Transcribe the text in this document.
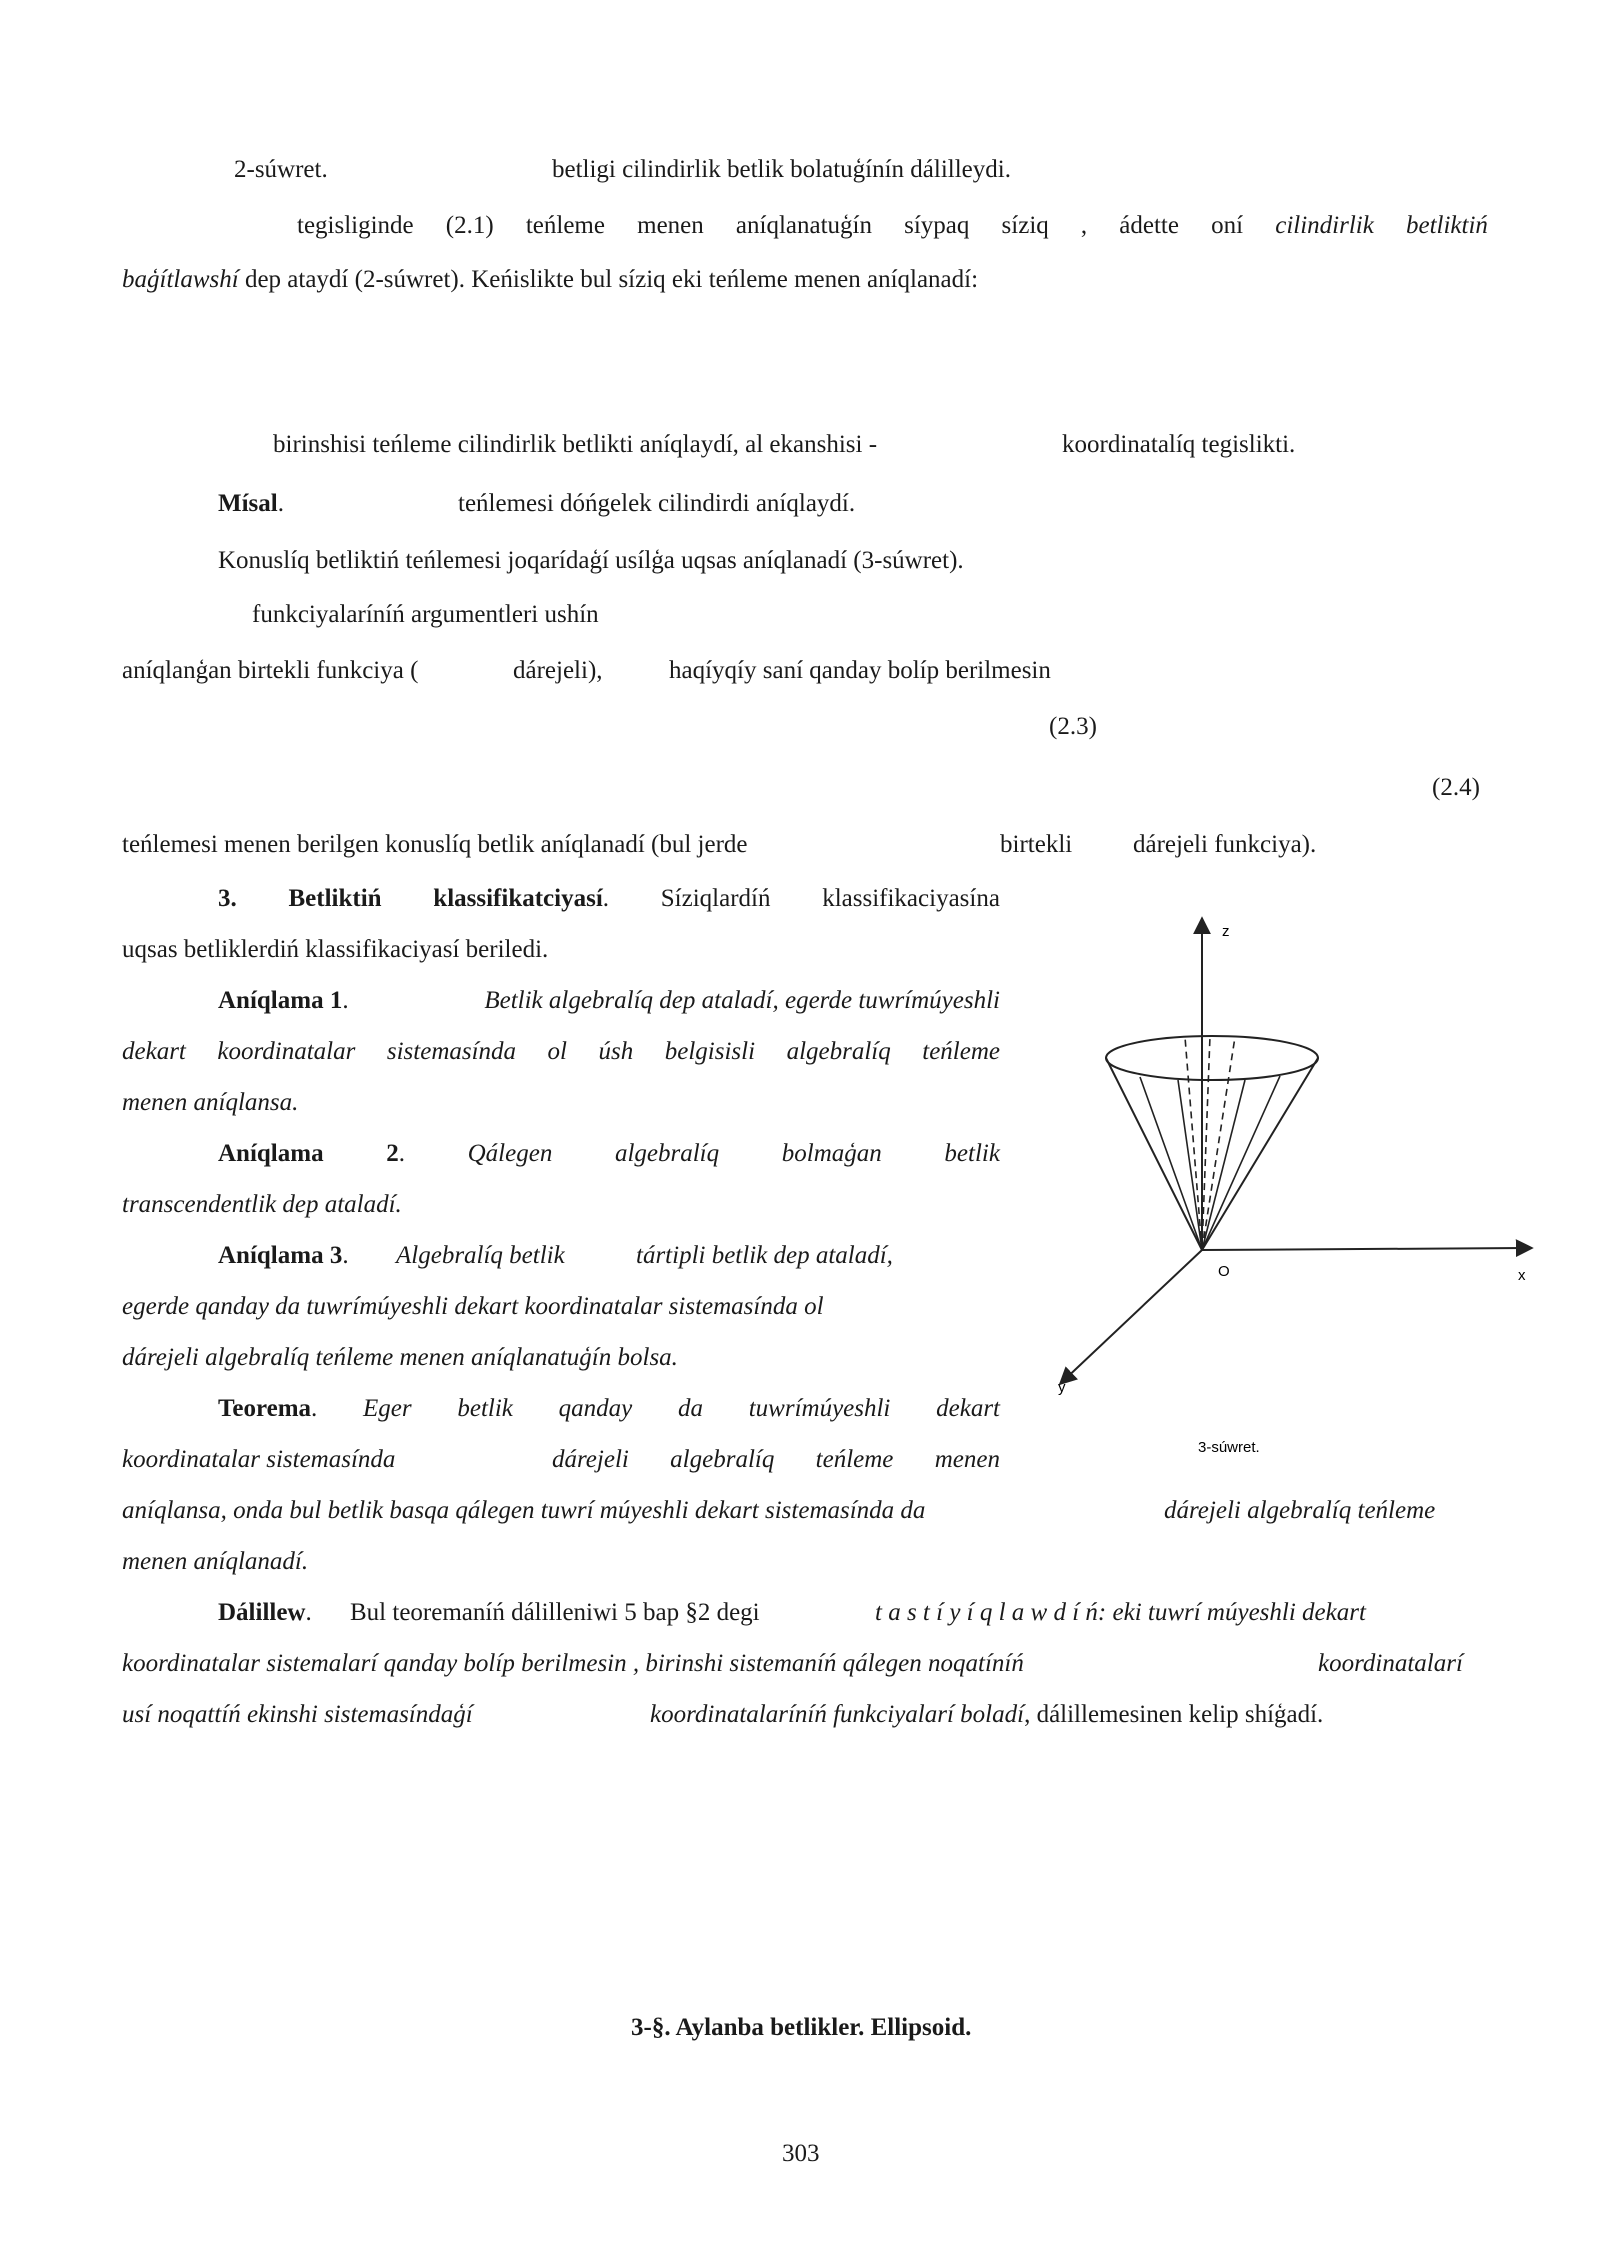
2-súwret.	betligi cilindirlik betlik bolatuģínín dálilleydi.
tegisliginde (2.1) teńleme menen aníqlanatuģín síypaq síziq , ádette oní cilindirlik betliktiń
baģítlawshí dep ataydí (2-súwret). Keńislikte bul síziq eki teńleme menen aníqlanadí:
birinshisi teńleme cilindirlik betlikti aníqlaydí, al ekanshisi -	koordinatalíq tegislikti.
Mísal.	teńlemesi dóńgelek cilindirdi aníqlaydí.
Konuslíq betliktiń teńlemesi joqarídaģí usílģa uqsas aníqlanadí (3-súwret).
funkciyalaríníń argumentleri ushín
aníqlanģan birtekli funkciya (	dárejeli),	haqíyqíy saní qanday bolíp berilmesin
(2.3)
(2.4)
teńlemesi menen berilgen konuslíq betlik aníqlanadí (bul jerde	birtekli dárejeli funkciya).
3. Betliktiń klassifikatciyasí. Síziqlardíń klassifikaciyasína
uqsas betliklerdiń klassifikaciyasí beriledi.
Aníqlama 1.	Betlik algebralíq dep ataladí, egerde tuwrímúyeshli
dekart koordinatalar sistemasínda ol úsh belgisisli algebralíq teńleme
menen aníqlansa.
Aníqlama	2.	Qálegen	algebralíq	bolmaģan	betlik
transcendentlik dep ataladí.
Aníqlama 3. Algebralíq betlik	tártipli betlik dep ataladí,
egerde qanday da tuwrímúyeshli dekart koordinatalar sistemasínda ol
dárejeli algebralíq teńleme menen aníqlanatuģín bolsa.
Teorema. Eger betlik qanday da tuwrímúyeshli dekart
koordinatalar sistemasínda	dárejeli algebralíq teńleme menen
aníqlansa, onda bul betlik basqa qálegen tuwrí múyeshli dekart sistemasínda da	dárejeli algebralíq teńleme
menen aníqlanadí.
Dálillew. Bul teoremaníń dálilleniwi 5 bap §2 degi	t a s t í y í q l a w d í ń: eki tuwrí múyeshli dekart
koordinatalar sistemalarí qanday bolíp berilmesin , birinshi sistemaníń qálegen noqatíníń	koordinatalarí
usí noqattíń ekinshi sistemasíndaģí	koordinatalaríníń funkciyalarí boladí, dálillemesinen kelip shíģadí.
3-§. Aylanba betlikler. Ellipsoid.
303
z
x
y
O
3-súwret.
